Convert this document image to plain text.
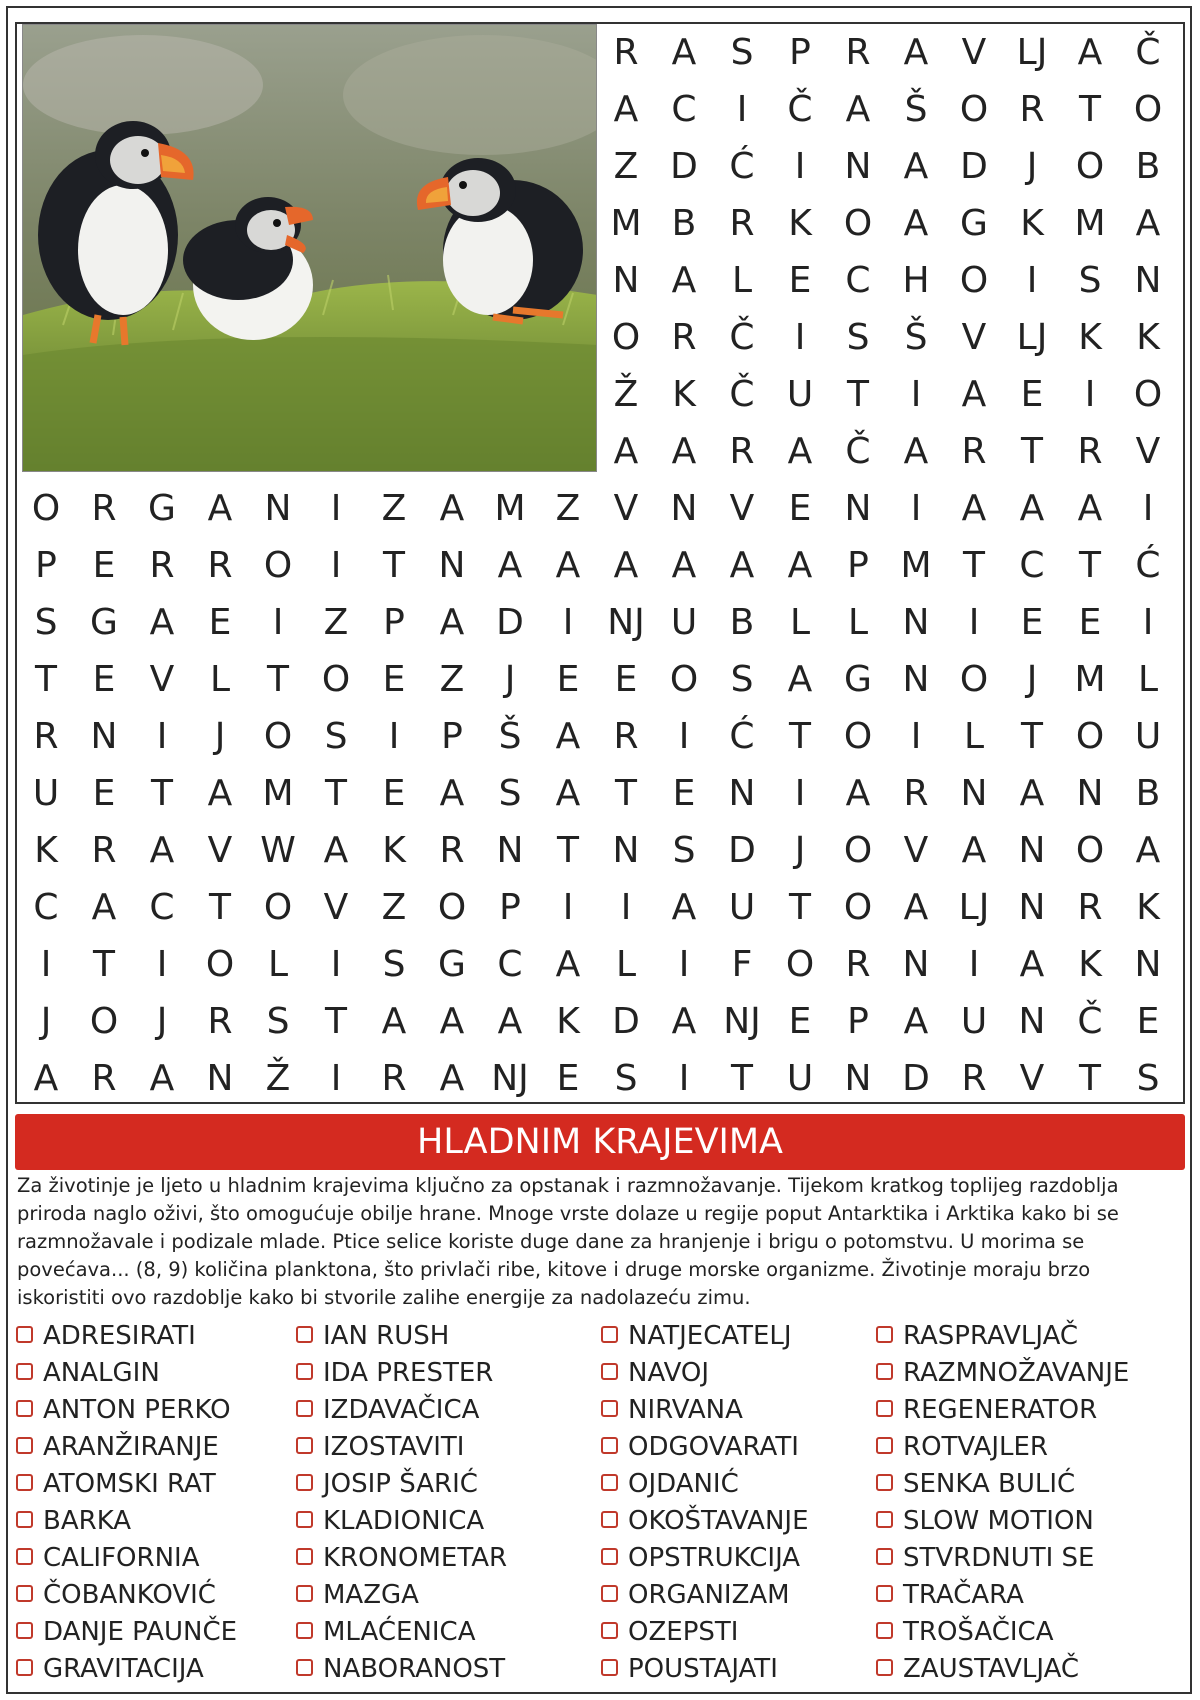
R A S P R A V LJ A Č
A C	I	Č A Š O R T O
Z D Ć	I	N A D	J	O B
M B R K O A G K M A
N A L	E C H O	I	S N
O R Č	I	S Š V LJ K K
Ž K Č U T	I	A E	I	O
A A R A Č A R T R V
O R G A N	I	Z A M Z V N V E N	I	A A A	I
P E R R O	I	T N A A A A A A P M T C T Ć
S G A E	I	Z P A D	I NJ U B L	L N	I	E E	I
T E V L	T O E Z	J	E E O S A G N O	J	M L
R N	I	J	O S	I	P Š A R	I	Ć T O	I	L	T O U
U E T A M T E A S A T E N	I	A R N A N B
K R A V W A K R N T N S D	J	O V A N O A
C A C T O V Z O P	I	I	A U T O A LJ N R K
I	T	I	O L	I	S G C A L	I	F O R N	I	A K N
J	O	J	R S T A A A K D A NJ E P A U N Č E
A R A N Ž	I	R A NJ E S	I	T U N D R V T S
HLADNIM KRAJEVIMA
Za životinje je ljeto u hladnim krajevima ključno za opstanak i razmnožavanje. Tijekom kratkog toplijeg razdoblja priroda naglo oživi, što omogućuje obilje hrane. Mnoge vrste dolaze u regije poput Antarktika i Arktika kako bi se razmnožavale i podizale mlade. Ptice selice koriste duge dane za hranjenje i brigu o potomstvu. U morima se povećava... (8, 9) količina planktona, što privlači ribe, kitove i druge morske organizme. Životinje moraju brzo iskoristiti ovo razdoblje kako bi stvorile zalihe energije za nadolazeću zimu.
ADRESIRATI
ANALGIN
ANTON PERKO
ARANŽIRANJE
ATOMSKI RAT
BARKA
CALIFORNIA
ČOBANKOVIĆ
DANJE PAUNČE
GRAVITACIJA
IAN RUSH
IDA PRESTER
IZDAVAČICA
IZOSTAVITI
JOSIP ŠARIĆ
KLADIONICA
KRONOMETAR
MAZGA
MLAĆENICA
NABORANOST
NATJECATELJ
NAVOJ
NIRVANA
ODGOVARATI
OJDANIĆ
OKOŠTAVANJE
OPSTRUKCIJA
ORGANIZAM
OZEPSTI
POUSTAJATI
RASPRAVLJAČ
RAZMNOŽAVANJE
REGENERATOR
ROTVAJLER
SENKA BULIĆ
SLOW MOTION
STVRDNUTI SE
TRAČARA
TROŠAČICA
ZAUSTAVLJAČ
